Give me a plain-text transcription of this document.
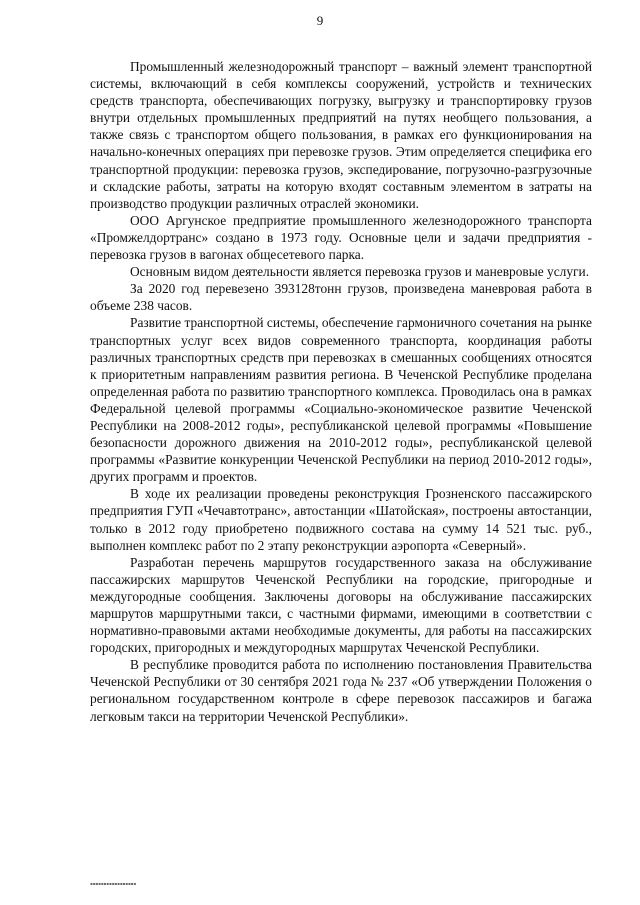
9

Промышленный железнодорожный транспорт – важный элемент транспортной системы, включающий в себя комплексы сооружений, устройств и технических средств транспорта, обеспечивающих погрузку, выгрузку и транспортировку грузов внутри отдельных промышленных предприятий на путях необщего пользования, а также связь с транспортом общего пользования, в рамках его функционирования на начально-конечных операциях при перевозке грузов. Этим определяется специфика его транспортной продукции: перевозка грузов, экспедирование, погрузочно-разгрузочные и складские работы, затраты на которую входят составным элементом в затраты на производство продукции различных отраслей экономики.

ООО Аргунское предприятие промышленного железнодорожного транспорта «Промжелдортранс» создано в 1973 году. Основные цели и задачи предприятия - перевозка грузов в вагонах общесетевого парка.

Основным видом деятельности является перевозка грузов и маневровые услуги.

За 2020 год перевезено 393128тонн грузов, произведена маневровая работа в объеме 238 часов.

Развитие транспортной системы, обеспечение гармоничного сочетания на рынке транспортных услуг всех видов современного транспорта, координация работы различных транспортных средств при перевозках в смешанных сообщениях относятся к приоритетным направлениям развития региона. В Чеченской Республике проделана определенная работа по развитию транспортного комплекса. Проводилась она в рамках Федеральной целевой программы «Социально-экономическое развитие Чеченской Республики на 2008-2012 годы», республиканской целевой программы «Повышение безопасности дорожного движения на 2010-2012 годы», республиканской целевой программы «Развитие конкуренции Чеченской Республики на период 2010-2012 годы», других программ и проектов.

В ходе их реализации проведены реконструкция Грозненского пассажирского предприятия ГУП «Чечавтотранс», автостанции «Шатойская», построены автостанции, только в 2012 году приобретено подвижного состава на сумму 14 521 тыс. руб., выполнен комплекс работ по 2 этапу реконструкции аэропорта «Северный».

Разработан перечень маршрутов государственного заказа на обслуживание пассажирских маршрутов Чеченской Республики на городские, пригородные и междугородные сообщения. Заключены договоры на обслуживание пассажирских маршрутов маршрутными такси, с частными фирмами, имеющими в соответствии с нормативно-правовыми актами необходимые документы, для работы на пассажирских городских, пригородных и междугородных маршрутах Чеченской Республики.

В республике проводится работа по исполнению постановления Правительства Чеченской Республики от 30 сентября 2021 года № 237 «Об утверждении Положения о региональном государственном контроле в сфере перевозок пассажиров и багажа легковым такси на территории Чеченской Республики».

▪▪▪▪▪▪▪▪▪▪▪▪▪▪▪▪▪
